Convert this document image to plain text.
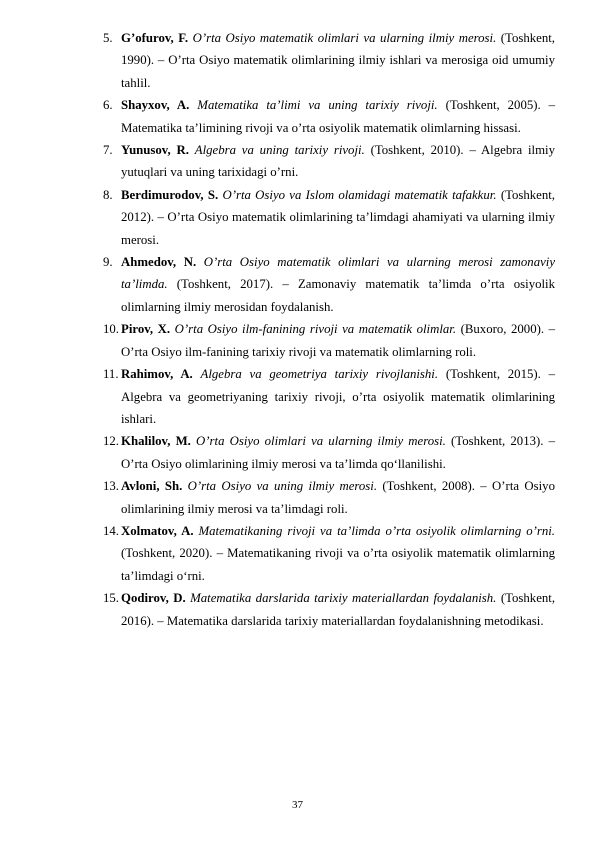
5. G’ofurov, F. O’rta Osiyo matematik olimlari va ularning ilmiy merosi. (Toshkent, 1990). – O’rta Osiyo matematik olimlarining ilmiy ishlari va merosiga oid umumiy tahlil.
6. Shayxov, A. Matematika ta’limi va uning tarixiy rivoji. (Toshkent, 2005). – Matematika ta’limining rivoji va o’rta osiyolik matematik olimlarning hissasi.
7. Yunusov, R. Algebra va uning tarixiy rivoji. (Toshkent, 2010). – Algebra ilmiy yutuqlari va uning tarixidagi o’rni.
8. Berdimurodov, S. O’rta Osiyo va Islom olamidagi matematik tafakkur. (Toshkent, 2012). – O’rta Osiyo matematik olimlarining ta’limdagi ahamiyati va ularning ilmiy merosi.
9. Ahmedov, N. O’rta Osiyo matematik olimlari va ularning merosi zamonaviy ta’limda. (Toshkent, 2017). – Zamonaviy matematik ta’limda o’rta osiyolik olimlarning ilmiy merosidan foydalanish.
10. Pirov, X. O’rta Osiyo ilm-fanining rivoji va matematik olimlar. (Buxoro, 2000). – O’rta Osiyo ilm-fanining tarixiy rivoji va matematik olimlarning roli.
11. Rahimov, A. Algebra va geometriya tarixiy rivojlanishi. (Toshkent, 2015). – Algebra va geometriyaning tarixiy rivoji, o’rta osiyolik matematik olimlarining ishlari.
12. Khalilov, M. O’rta Osiyo olimlari va ularning ilmiy merosi. (Toshkent, 2013). – O’rta Osiyo olimlarining ilmiy merosi va ta’limda qo‘llanilishi.
13. Avloni, Sh. O’rta Osiyo va uning ilmiy merosi. (Toshkent, 2008). – O’rta Osiyo olimlarining ilmiy merosi va ta’limdagi roli.
14. Xolmatov, A. Matematikaning rivoji va ta’limda o’rta osiyolik olimlarning o’rni. (Toshkent, 2020). – Matematikaning rivoji va o’rta osiyolik matematik olimlarning ta’limdagi o‘rni.
15. Qodirov, D. Matematika darslarida tarixiy materiallardan foydalanish. (Toshkent, 2016). – Matematika darslarida tarixiy materiallardan foydalanishning metodikasi.
37
